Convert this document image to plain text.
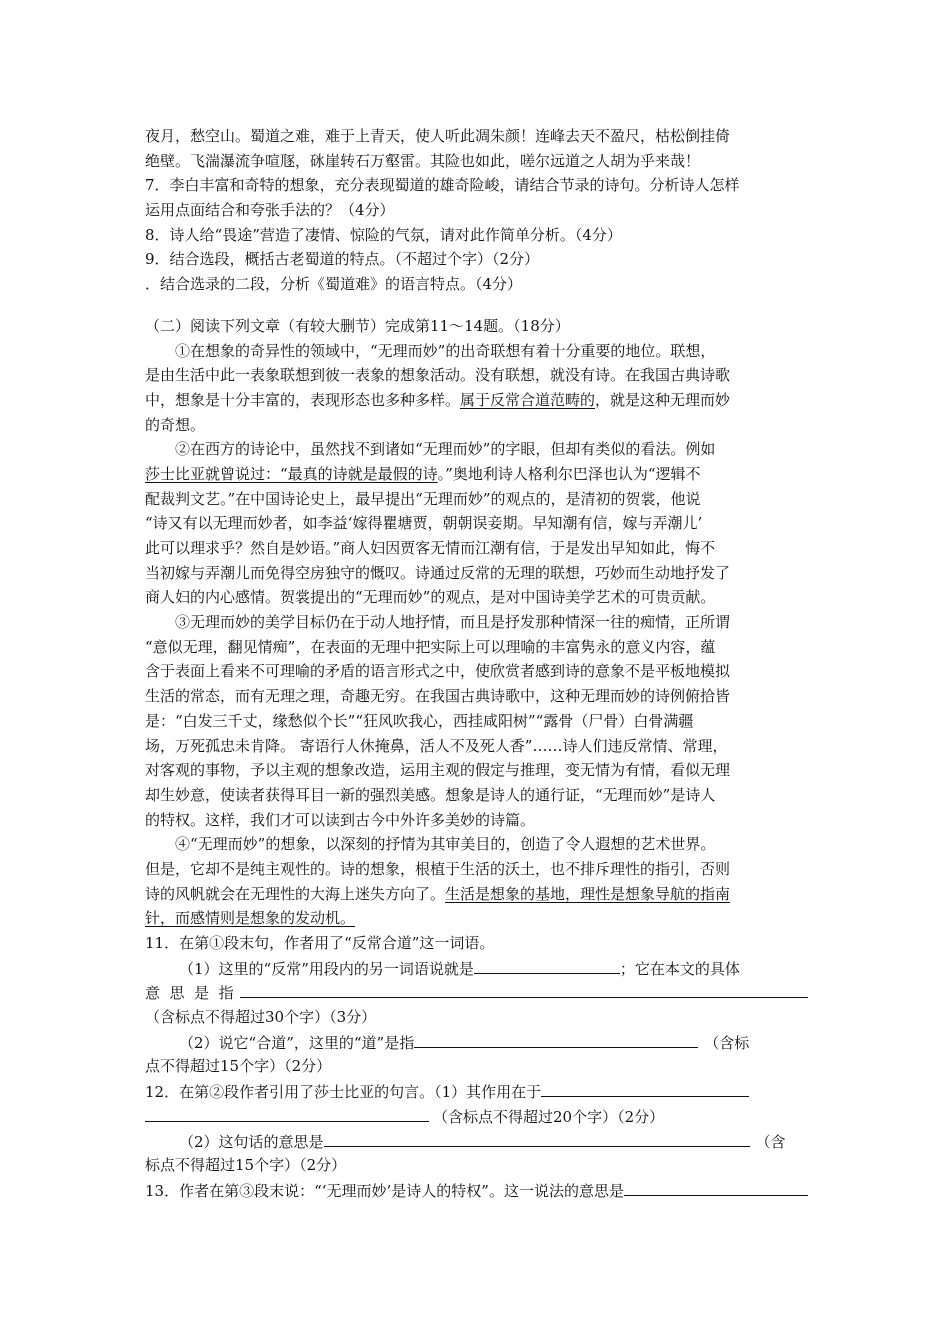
夜月，愁空山。蜀道之难，难于上青天，使人听此凋朱颜！连峰去天不盈尺，枯松倒挂倚
绝壁。飞湍瀑流争喧豗，砯崖转石万壑雷。其险也如此，嗟尔远道之人胡为乎来哉！
7．李白丰富和奇特的想象，充分表现蜀道的雄奇险峻，请结合节录的诗句。分析诗人怎样
运用点面结合和夸张手法的？（4分）
8．诗人给“畏途”营造了凄情、惊险的气氛，请对此作简单分析。（4分）
9．结合选段，概括古老蜀道的特点。（不超过个字）（2分）
．结合选录的二段，分析《蜀道难》的语言特点。（4分）
（二）阅读下列文章（有较大删节）完成第11～14题。（18分）
①在想象的奇异性的领域中，“无理而妙”的出奇联想有着十分重要的地位。联想，
是由生活中此一表象联想到彼一表象的想象活动。没有联想，就没有诗。在我国古典诗歌
中，想象是十分丰富的，表现形态也多种多样。 属于反常合道范畴的 ，就是这种无理而妙
的奇想。
②在西方的诗论中，虽然找不到诸如“无理而妙”的字眼，但却有类似的看法。例如
莎士比亚就曾说过：“最真的诗就是最假的诗 。”奥地利诗人格利尔巴泽也认为“逻辑不
配裁判文艺。”在中国诗论史上，最早提出“无理而妙”的观点的，是清初的贺裳，他说
“诗又有以无理而妙者，如李益‘嫁得瞿塘贾，朝朝误妾期。早知潮有信，嫁与弄潮儿’
此可以理求乎？然自是妙语。”商人妇因贾客无情而江潮有信，于是发出早知如此，悔不
当初嫁与弄潮儿而免得空房独守的慨叹。诗通过反常的无理的联想，巧妙而生动地抒发了
商人妇的内心感情。贺裳提出的“无理而妙”的观点，是对中国诗美学艺术的可贵贡献。
③无理而妙的美学目标仍在于动人地抒情，而且是抒发那种情深一往的痴情，正所谓
“意似无理，翻见情痴”，在表面的无理中把实际上可以理喻的丰富隽永的意义内容，蕴
含于表面上看来不可理喻的矛盾的语言形式之中，使欣赏者感到诗的意象不是平板地模拟
生活的常态，而有无理之理，奇趣无穷。在我国古典诗歌中，这种无理而妙的诗例俯拾皆
是：“白发三千丈，缘愁似个长”“狂风吹我心，西挂咸阳树”“露骨（尸骨）白骨满疆
场，万死孤忠未肯降。 寄语行人休掩鼻，活人不及死人香”……诗人们违反常情、常理，
对客观的事物，予以主观的想象改造，运用主观的假定与推理，变无情为有情，看似无理
却生妙意，使读者获得耳目一新的强烈美感。想象是诗人的通行证，“无理而妙”是诗人
的特权。这样，我们才可以读到古今中外许多美妙的诗篇。
④“无理而妙”的想象，以深刻的抒情为其审美目的，创造了令人遐想的艺术世界。
但是，它却不是纯主观性的。诗的想象，根植于生活的沃土，也不排斥理性的指引，否则
诗的风帆就会在无理性的大海上迷失方向了。 生活是想象的基地，理性是想象导航的指南
针，而感情则是想象的发动机。
11．在第①段末句，作者用了“反常合道”这一词语。
（1）这里的“反常”用段内的另一词语说就是	；它在本文的具体
意  思  是  指
（含标点不得超过30个字）（3分）
（2）说它“合道”，这里的“道”是指	（含标
点不得超过15个字）（2分）
12．在第②段作者引用了莎士比亚的句言。（1）其作用在于
（含标点不得超过20个字）（2分）
（2）这句话的意思是	（含
标点不得超过15个字）（2分）
13．作者在第③段末说：“‘无理而妙’是诗人的特权”。这一说法的意思是
